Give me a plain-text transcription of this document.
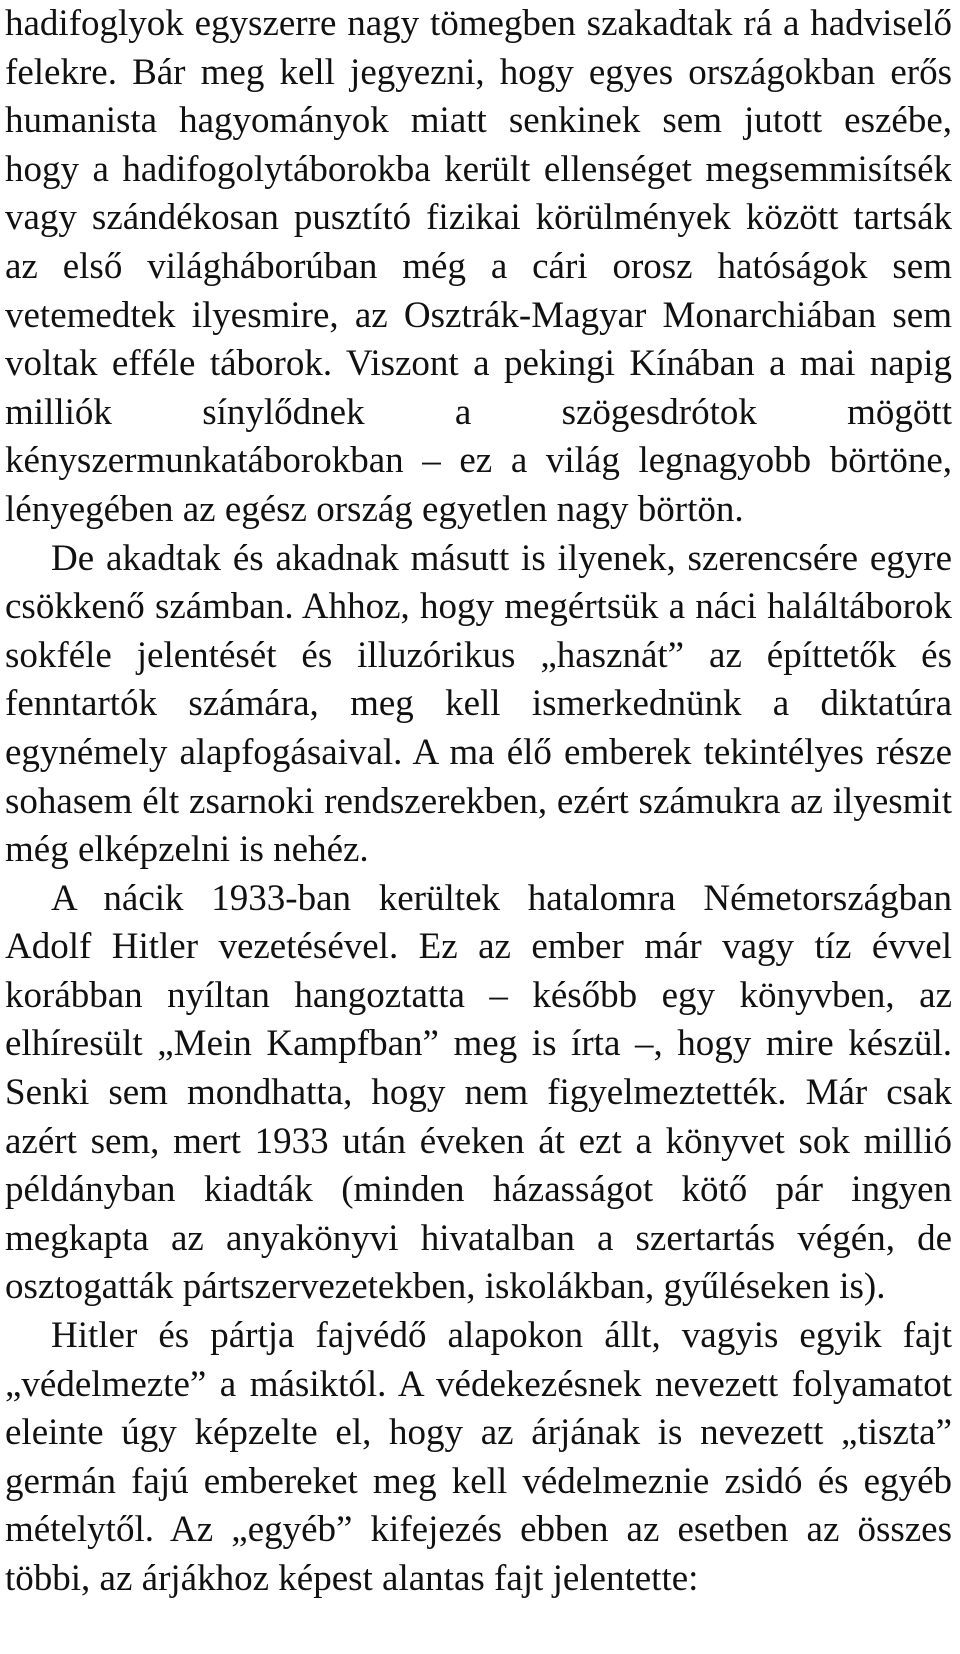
hadifoglyok egyszerre nagy tömegben szakadtak rá a hadviselő felekre. Bár meg kell jegyezni, hogy egyes országokban erős humanista hagyományok miatt senkinek sem jutott eszébe, hogy a hadifogolytáborokba került ellenséget megsemmisítsék vagy szándékosan pusztító fizikai körülmények között tartsák az első világháborúban még a cári orosz hatóságok sem vetemedtek ilyesmire, az Osztrák-Magyar Monarchiában sem voltak efféle táborok. Viszont a pekingi Kínában a mai napig milliók sínylődnek a szögesdrótok mögött kényszermunkatáborokban – ez a világ legnagyobb börtöne, lényegében az egész ország egyetlen nagy börtön.

De akadtak és akadnak másutt is ilyenek, szerencsére egyre csökkenő számban. Ahhoz, hogy megértsük a náci haláltáborok sokféle jelentését és illuzórikus „hasznát” az építtetők és fenntartók számára, meg kell ismerkednünk a diktatúra egynémely alapfogásaival. A ma élő emberek tekintélyes része sohasem élt zsarnoki rendszerekben, ezért számukra az ilyesmit még elképzelni is nehéz.

A nácik 1933-ban kerültek hatalomra Németországban Adolf Hitler vezetésével. Ez az ember már vagy tíz évvel korábban nyíltan hangoztatta – később egy könyvben, az elhíresült „Mein Kampfban” meg is írta –, hogy mire készül. Senki sem mondhatta, hogy nem figyelmeztették. Már csak azért sem, mert 1933 után éveken át ezt a könyvet sok millió példányban kiadták (minden házasságot kötő pár ingyen megkapta az anyakönyvi hivatalban a szertartás végén, de osztogatták pártszervezetekben, iskolákban, gyűléseken is).

Hitler és pártja fajvédő alapokon állt, vagyis egyik fajt „védelmezte” a másiktól. A védekezésnek nevezett folyamatot eleinte úgy képzelte el, hogy az árjának is nevezett „tiszta” germán fajú embereket meg kell védelmeznie zsidó és egyéb mételytől. Az „egyéb” kifejezés ebben az esetben az összes többi, az árjákhoz képest alantas fajt jelentette:
